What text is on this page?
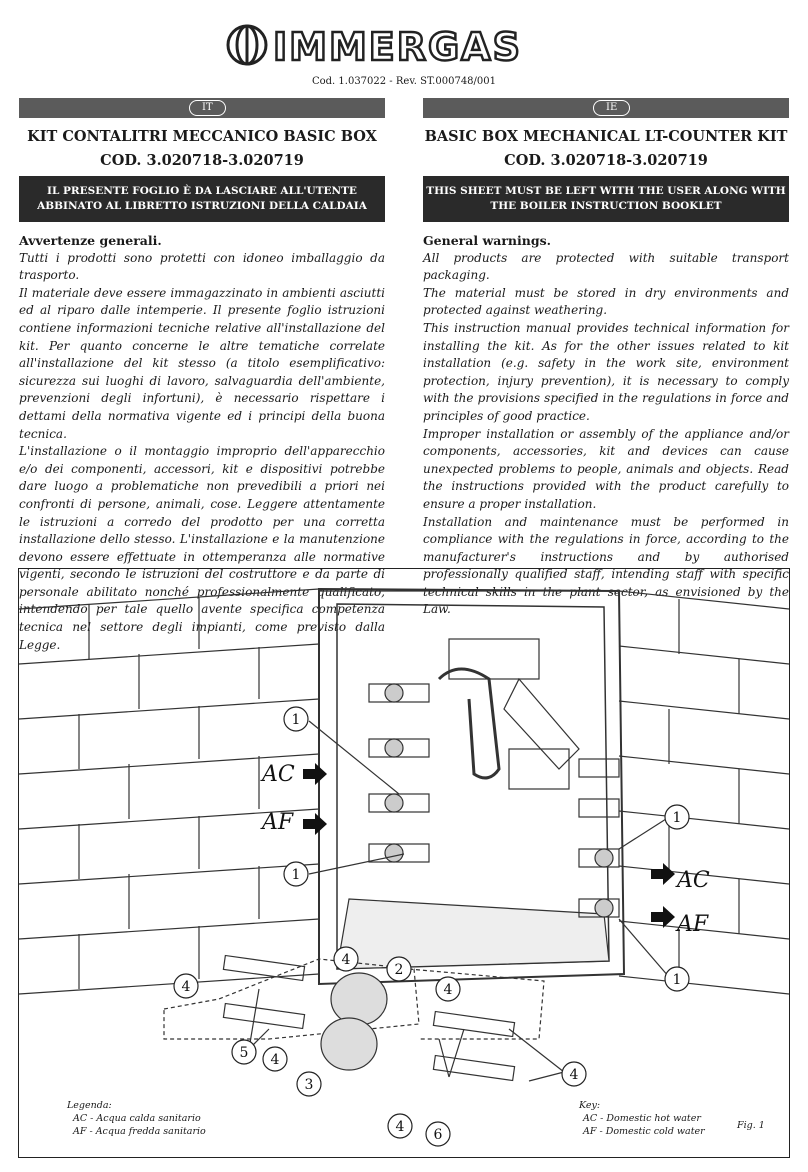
IMMERGAS
Cod. 1.037022 - Rev. ST.000748/001
IT
KIT CONTALITRI MECCANICO BASIC BOX
COD. 3.020718-3.020719
IL PRESENTE FOGLIO È DA LASCIARE ALL'UTENTE
ABBINATO AL LIBRETTO ISTRUZIONI DELLA CALDAIA
IE
BASIC BOX MECHANICAL LT-COUNTER KIT
COD. 3.020718-3.020719
THIS SHEET MUST BE LEFT WITH THE USER ALONG WITH
THE BOILER INSTRUCTION BOOKLET
Avvertenze generali.

Tutti i prodotti sono protetti con idoneo imballaggio da trasporto.

Il materiale deve essere immagazzinato in ambienti asciutti ed al riparo dalle intemperie. Il presente foglio istruzioni contiene informazioni tecniche relative all'installazione del kit. Per quanto concerne le altre tematiche correlate all'installazione del kit stesso (a titolo esemplificativo: sicurezza sui luoghi di lavoro, salvaguardia dell'ambiente, prevenzioni degli infortuni), è necessario rispettare i dettami della normativa vigente ed i principi della buona tecnica.

L'installazione o il montaggio improprio dell'apparecchio e/o dei componenti, accessori, kit e dispositivi potrebbe dare luogo a problematiche non prevedibili a priori nei confronti di persone, animali, cose. Leggere attentamente le istruzioni a corredo del prodotto per una corretta installazione dello stesso. L'installazione e la manutenzione devono essere effettuate in ottemperanza alle normative vigenti, secondo le istruzioni del costruttore e da parte di personale abilitato nonché professionalmente qualificato, intendendo per tale quello avente specifica competenza tecnica nel settore degli impianti, come previsto dalla Legge.

General warnings.

All products are protected with suitable transport packaging.

The material must be stored in dry environments and protected against weathering.

This instruction manual provides technical information for installing the kit. As for the other issues related to kit installation (e.g. safety in the work site, environment protection, injury prevention), it is necessary to comply with the provisions specified in the regulations in force and principles of good practice.

Improper installation or assembly of the appliance and/or components, accessories, kit and devices can cause unexpected problems to people, animals and objects. Read the instructions provided with the product carefully to ensure a proper installation.

Installation and maintenance must be performed in compliance with the regulations in force, according to the manufacturer's instructions and by authorised professionally qualified staff, intending staff with specific technical skills in the plant sector, as envisioned by the Law.

1
1
1
1
2
3
4
4	4
4
4
4
5
6
AC
AF
AC
AF
Legenda:
AC - Acqua calda sanitario
AF - Acqua fredda sanitario
Key:
AC - Domestic hot water
AF - Domestic cold water
Fig. 1
